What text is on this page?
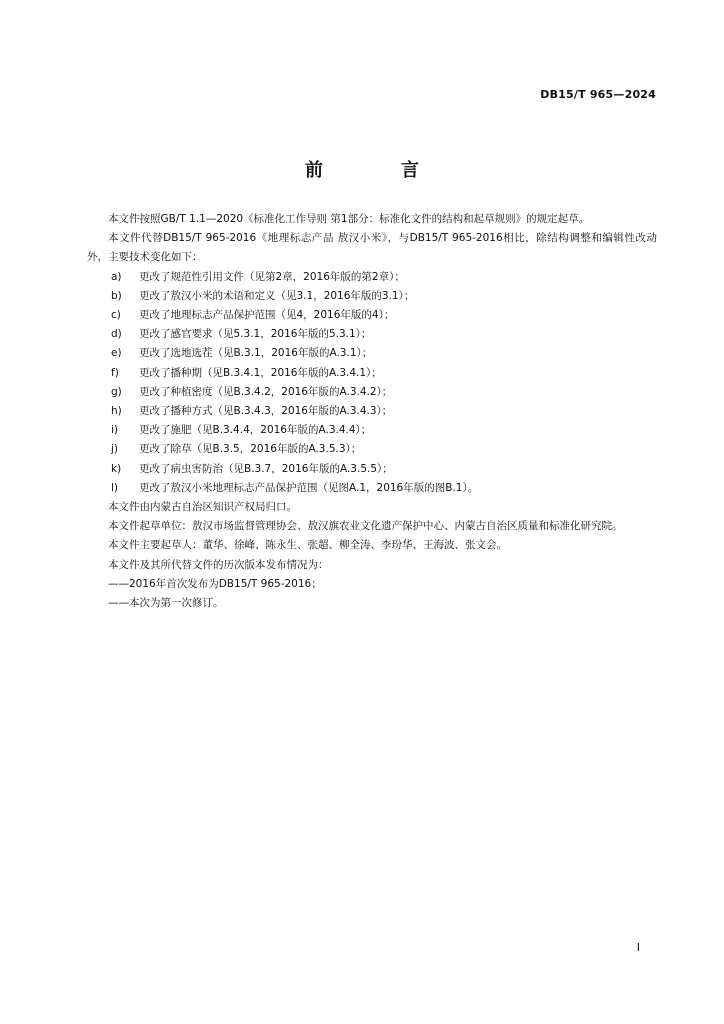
DB15/T 965—2024
前　言

本文件按照GB/T 1.1—2020《标准化工作导则 第1部分：标准化文件的结构和起草规则》的规定起草。

本文件代替DB15/T 965-2016《地理标志产品 敖汉小米》，与DB15/T 965-2016相比，除结构调整和编辑性改动外，主要技术变化如下：

a) 更改了规范性引用文件（见第2章，2016年版的第2章）；
b) 更改了敖汉小米的术语和定义（见3.1，2016年版的3.1）；
c) 更改了地理标志产品保护范围（见4，2016年版的4）；
d) 更改了感官要求（见5.3.1，2016年版的5.3.1）；
e) 更改了选地选茬（见B.3.1，2016年版的A.3.1）；
f) 更改了播种期（见B.3.4.1，2016年版的A.3.4.1）；
g) 更改了种植密度（见B.3.4.2，2016年版的A.3.4.2）；
h) 更改了播种方式（见B.3.4.3，2016年版的A.3.4.3）；
i) 更改了施肥（见B.3.4.4，2016年版的A.3.4.4）；
j) 更改了除草（见B.3.5，2016年版的A.3.5.3）；
k) 更改了病虫害防治（见B.3.7，2016年版的A.3.5.5）；
l) 更改了敖汉小米地理标志产品保护范围（见图A.1，2016年版的图B.1）。

本文件由内蒙古自治区知识产权局归口。

本文件起草单位：敖汉市场监督管理协会、敖汉旗农业文化遗产保护中心、内蒙古自治区质量和标准化研究院。

本文件主要起草人：董华、徐峰、陈永生、张超、柳全涛、李玢华、王海波、张文会。

本文件及其所代替文件的历次版本发布情况为：

——2016年首次发布为DB15/T 965-2016；
——本次为第一次修订。
I
